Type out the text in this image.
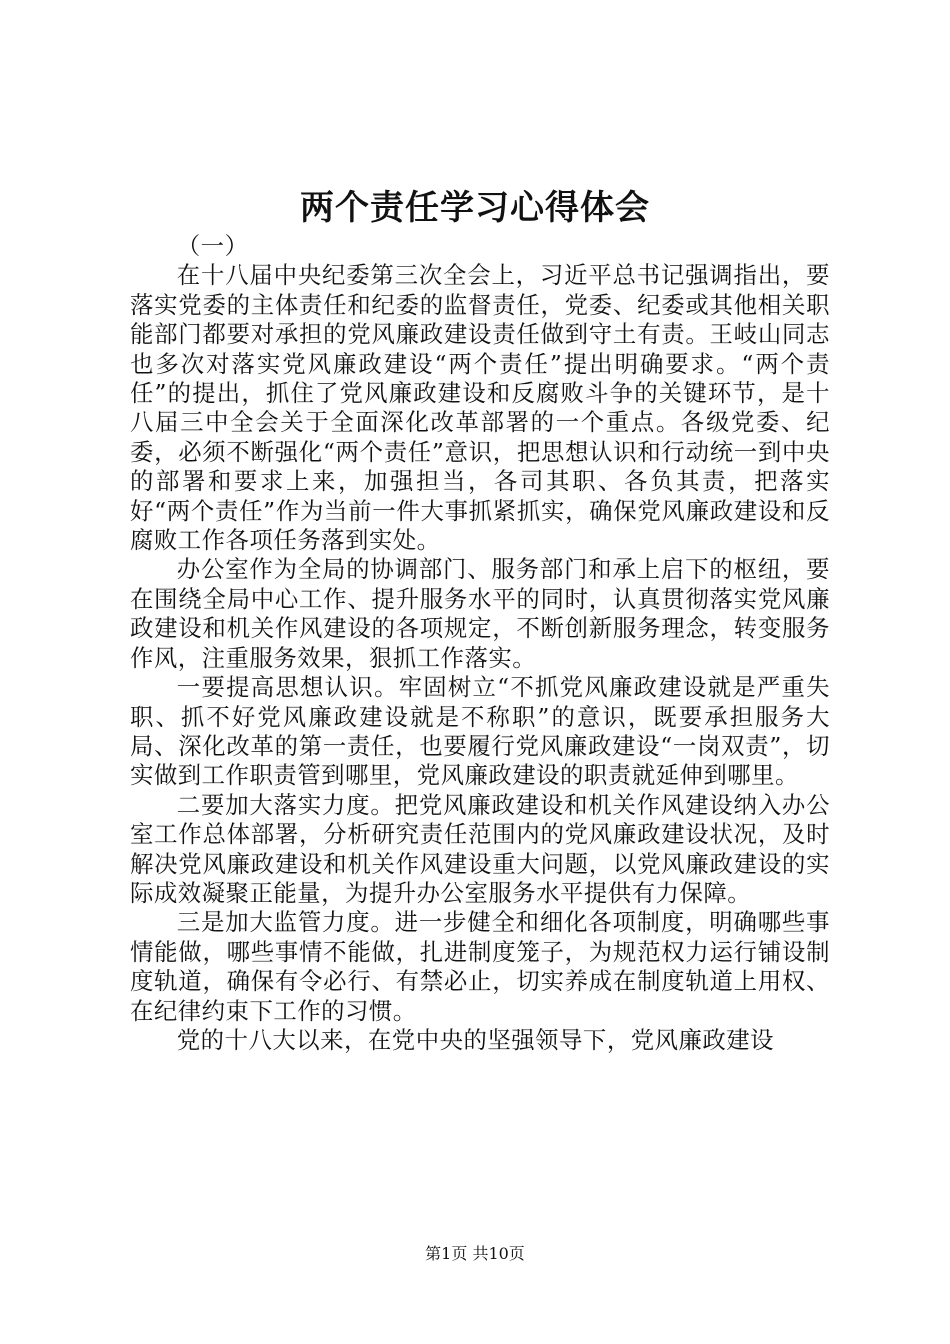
两个责任学习心得体会

（一）

在十八届中央纪委第三次全会上，习近平总书记强调指出，要落实党委的主体责任和纪委的监督责任，党委、纪委或其他相关职能部门都要对承担的党风廉政建设责任做到守土有责。王岐山同志也多次对落实党风廉政建设“两个责任”提出明确要求。“两个责任”的提出，抓住了党风廉政建设和反腐败斗争的关键环节，是十八届三中全会关于全面深化改革部署的一个重点。各级党委、纪委，必须不断强化“两个责任”意识，把思想认识和行动统一到中央的部署和要求上来，加强担当，各司其职、各负其责，把落实好“两个责任”作为当前一件大事抓紧抓实，确保党风廉政建设和反腐败工作各项任务落到实处。

办公室作为全局的协调部门、服务部门和承上启下的枢纽，要在围绕全局中心工作、提升服务水平的同时，认真贯彻落实党风廉政建设和机关作风建设的各项规定，不断创新服务理念，转变服务作风，注重服务效果，狠抓工作落实。

一要提高思想认识。牢固树立“不抓党风廉政建设就是严重失职、抓不好党风廉政建设就是不称职”的意识，既要承担服务大局、深化改革的第一责任，也要履行党风廉政建设“一岗双责”，切实做到工作职责管到哪里，党风廉政建设的职责就延伸到哪里。

二要加大落实力度。把党风廉政建设和机关作风建设纳入办公室工作总体部署，分析研究责任范围内的党风廉政建设状况，及时解决党风廉政建设和机关作风建设重大问题，以党风廉政建设的实际成效凝聚正能量，为提升办公室服务水平提供有力保障。

三是加大监管力度。进一步健全和细化各项制度，明确哪些事情能做，哪些事情不能做，扎进制度笼子，为规范权力运行铺设制度轨道，确保有令必行、有禁必止，切实养成在制度轨道上用权、在纪律约束下工作的习惯。

党的十八大以来，在党中央的坚强领导下，党风廉政建设

第1页 共10页
